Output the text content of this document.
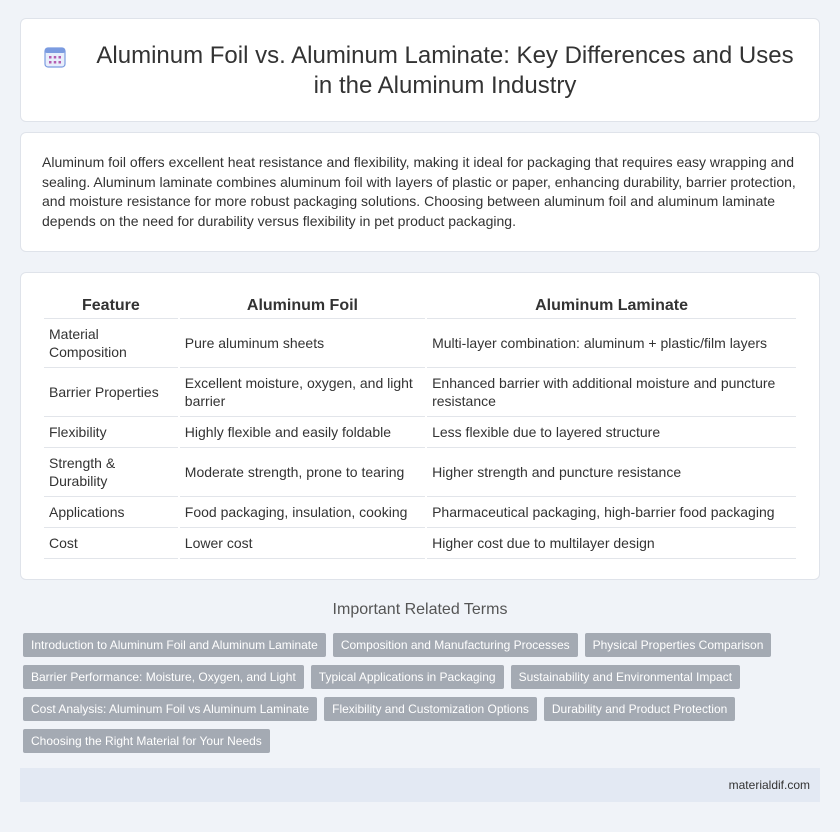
Aluminum Foil vs. Aluminum Laminate: Key Differences and Uses in the Aluminum Industry

Aluminum foil offers excellent heat resistance and flexibility, making it ideal for packaging that requires easy wrapping and sealing. Aluminum laminate combines aluminum foil with layers of plastic or paper, enhancing durability, barrier protection, and moisture resistance for more robust packaging solutions. Choosing between aluminum foil and aluminum laminate depends on the need for durability versus flexibility in pet product packaging.

Feature	Aluminum Foil	Aluminum Laminate
Material Composition	Pure aluminum sheets	Multi-layer combination: aluminum + plastic/film layers
Barrier Properties	Excellent moisture, oxygen, and light barrier	Enhanced barrier with additional moisture and puncture resistance
Flexibility	Highly flexible and easily foldable	Less flexible due to layered structure
Strength & Durability	Moderate strength, prone to tearing	Higher strength and puncture resistance
Applications	Food packaging, insulation, cooking	Pharmaceutical packaging, high-barrier food packaging
Cost	Lower cost	Higher cost due to multilayer design
Important Related Terms
Introduction to Aluminum Foil and Aluminum Laminate	Composition and Manufacturing Processes	Physical Properties Comparison
Barrier Performance: Moisture, Oxygen, and Light	Typical Applications in Packaging	Sustainability and Environmental Impact
Cost Analysis: Aluminum Foil vs Aluminum Laminate	Flexibility and Customization Options	Durability and Product Protection
Choosing the Right Material for Your Needs
materialdif.com
